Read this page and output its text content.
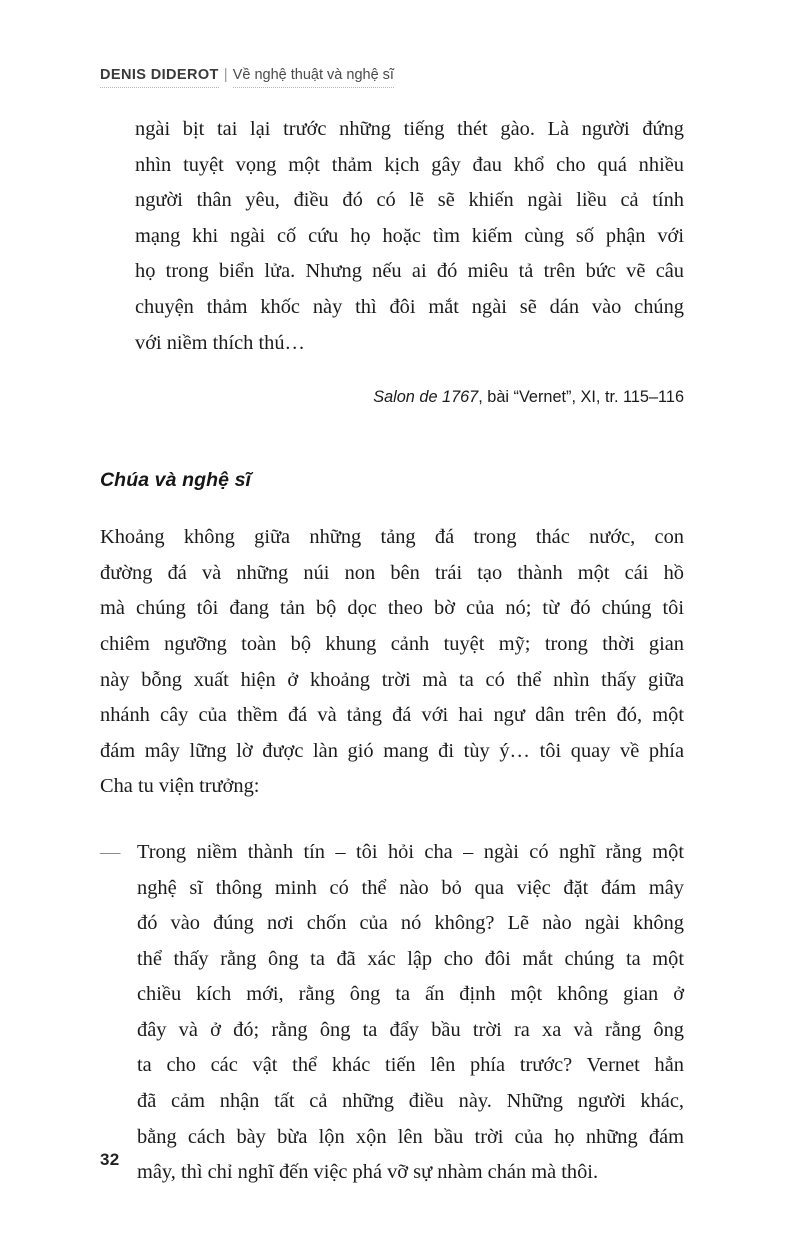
DENIS DIDEROT | Về nghệ thuật và nghệ sĩ
ngài bịt tai lại trước những tiếng thét gào. Là người đứng
nhìn tuyệt vọng một thảm kịch gây đau khổ cho quá nhiều
người thân yêu, điều đó có lẽ sẽ khiến ngài liều cả tính
mạng khi ngài cố cứu họ hoặc tìm kiếm cùng số phận với
họ trong biển lửa. Nhưng nếu ai đó miêu tả trên bức vẽ câu
chuyện thảm khốc này thì đôi mắt ngài sẽ dán vào chúng
với niềm thích thú…
Salon de 1767, bài “Vernet”, XI, tr. 115–116
Chúa và nghệ sĩ
Khoảng không giữa những tảng đá trong thác nước, con
đường đá và những núi non bên trái tạo thành một cái hồ
mà chúng tôi đang tản bộ dọc theo bờ của nó; từ đó chúng tôi
chiêm ngưỡng toàn bộ khung cảnh tuyệt mỹ; trong thời gian
này bỗng xuất hiện ở khoảng trời mà ta có thể nhìn thấy giữa
nhánh cây của thềm đá và tảng đá với hai ngư dân trên đó, một
đám mây lững lờ được làn gió mang đi tùy ý… tôi quay về phía
Cha tu viện trưởng:
— Trong niềm thành tín – tôi hỏi cha – ngài có nghĩ rằng một
nghệ sĩ thông minh có thể nào bỏ qua việc đặt đám mây
đó vào đúng nơi chốn của nó không? Lẽ nào ngài không
thể thấy rằng ông ta đã xác lập cho đôi mắt chúng ta một
chiều kích mới, rằng ông ta ấn định một không gian ở
đây và ở đó; rằng ông ta đẩy bầu trời ra xa và rằng ông
ta cho các vật thể khác tiến lên phía trước? Vernet hẳn
đã cảm nhận tất cả những điều này. Những người khác,
bằng cách bày bừa lộn xộn lên bầu trời của họ những đám
mây, thì chỉ nghĩ đến việc phá vỡ sự nhàm chán mà thôi.
32
